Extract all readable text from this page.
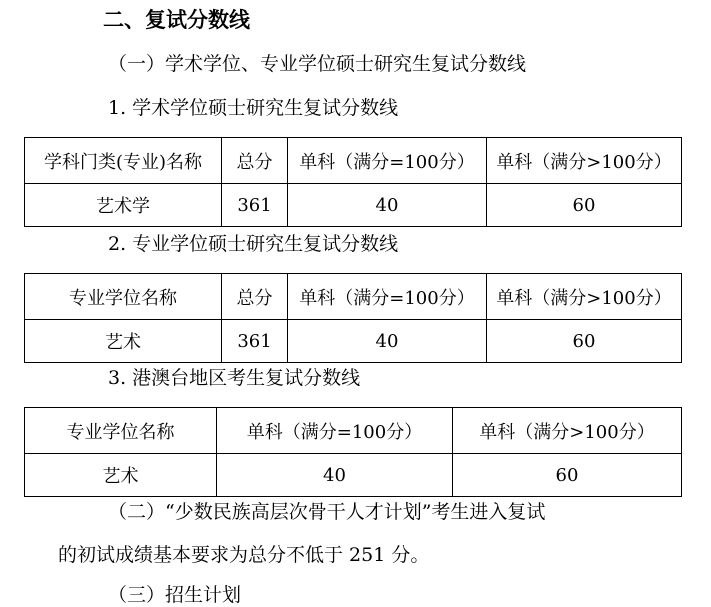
二、复试分数线
（一）学术学位、专业学位硕士研究生复试分数线
1. 学术学位硕士研究生复试分数线
学科门类(专业)名称	总分	单科（满分=100分）	单科（满分>100分）
艺术学	361	40	60
2. 专业学位硕士研究生复试分数线
专业学位名称	总分	单科（满分=100分）	单科（满分>100分）
艺术	361	40	60
3. 港澳台地区考生复试分数线
专业学位名称	单科（满分=100分）	单科（满分>100分）
艺术	40	60
（二）“少数民族高层次骨干人才计划”考生进入复试
的初试成绩基本要求为总分不低于 251 分。
（三）招生计划
